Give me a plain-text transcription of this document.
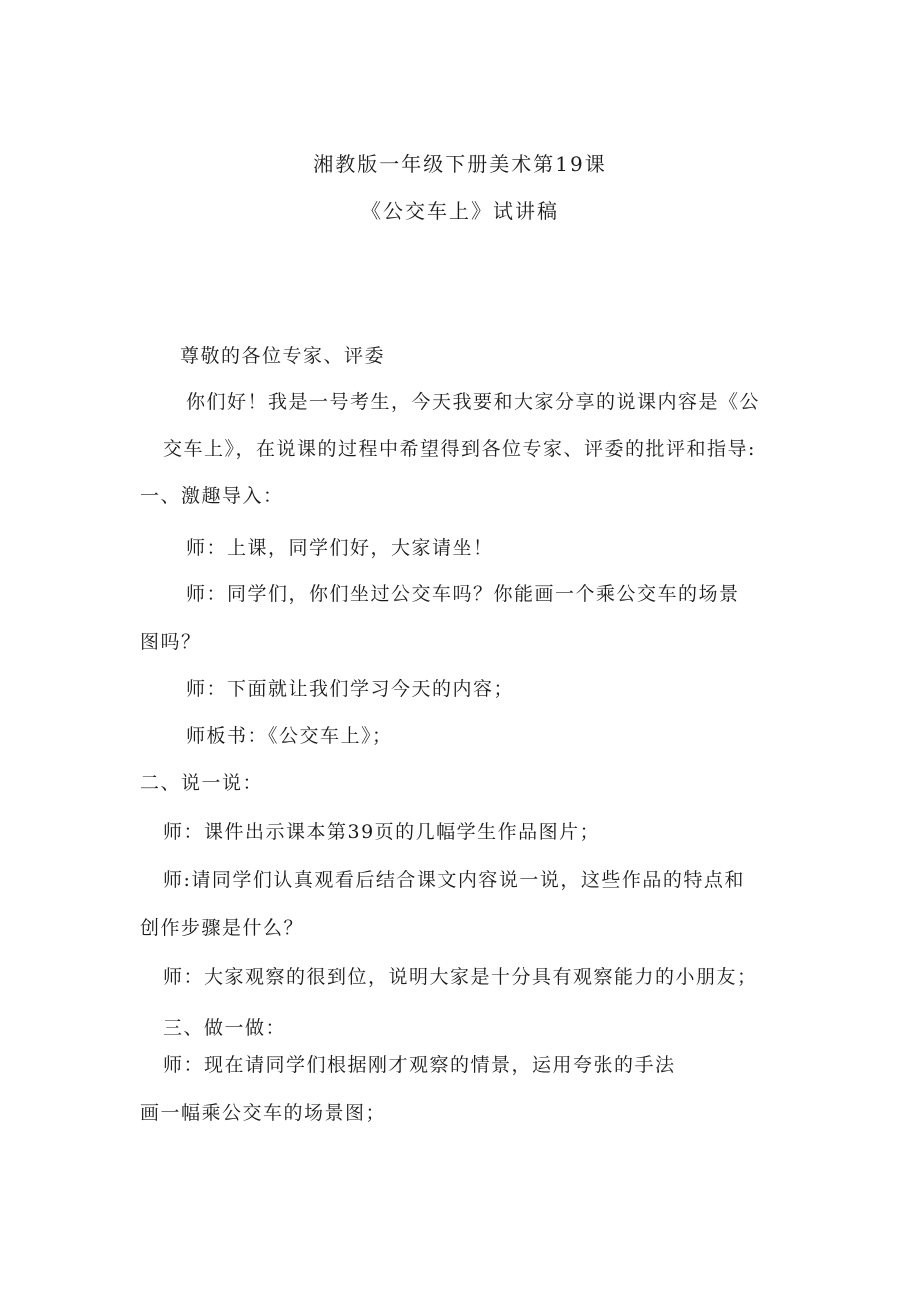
湘教版一年级下册美术第19课
《公交车上》试讲稿
尊敬的各位专家、评委
你们好！我是一号考生，今天我要和大家分享的说课内容是《公
交车上》，在说课的过程中希望得到各位专家、评委的批评和指导:
一、激趣导入：
师：上课，同学们好，大家请坐！
师：同学们，你们坐过公交车吗？你能画一个乘公交车的场景
图吗？
师：下面就让我们学习今天的内容；
师板书：《公交车上》；
二、说一说：
师：课件出示课本第39页的几幅学生作品图片；
师:请同学们认真观看后结合课文内容说一说，这些作品的特点和
创作步骤是什么？
师：大家观察的很到位，说明大家是十分具有观察能力的小朋友；
三、做一做：
师：现在请同学们根据刚才观察的情景，运用夸张的手法
画一幅乘公交车的场景图；
